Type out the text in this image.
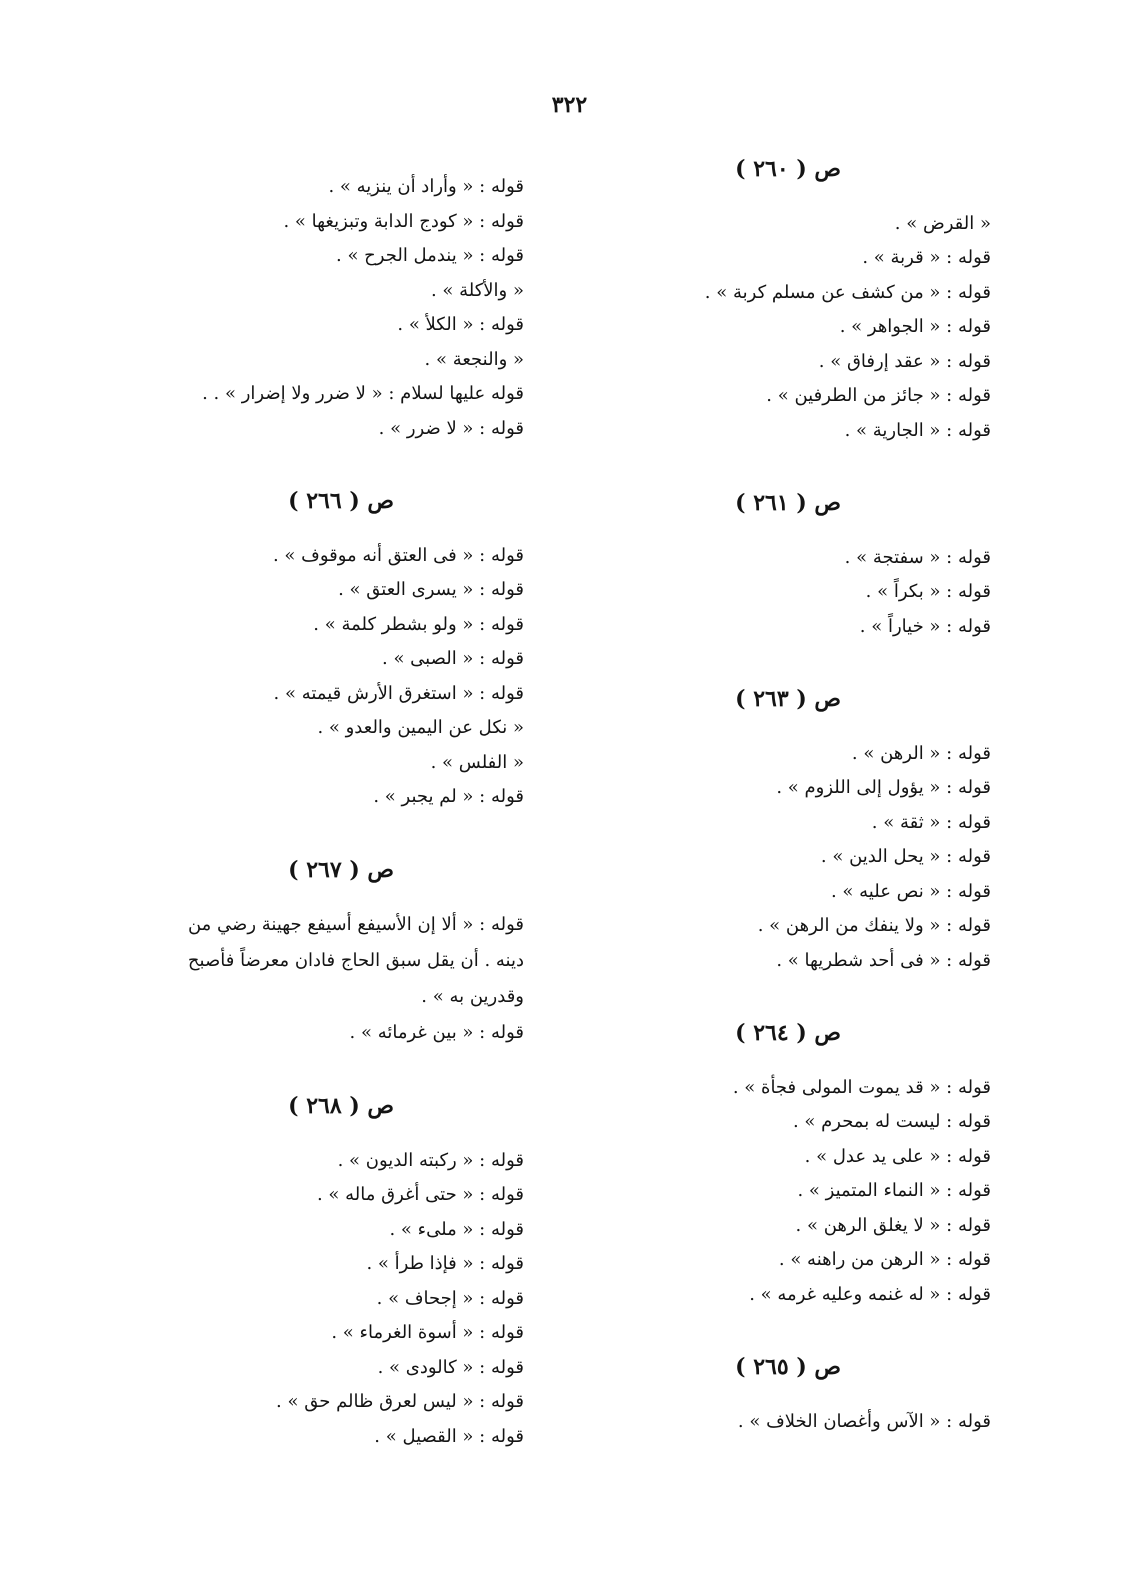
٣٢٢
ص ( ٢٦٠ )
« القرض » .
قوله : « قربة » .
قوله : « من كشف عن مسلم كربة » .
قوله : « الجواهر » .
قوله : « عقد إرفاق » .
قوله : « جائز من الطرفين » .
قوله : « الجارية » .
ص ( ٢٦١ )
قوله : « سفتجة » .
قوله : « بكراً » .
قوله : « خياراً » .
ص ( ٢٦٣ )
قوله : « الرهن » .
قوله : « يؤول إلى اللزوم » .
قوله : « ثقة » .
قوله : « يحل الدين » .
قوله : « نص عليه » .
قوله : « ولا ينفك من الرهن » .
قوله : « فى أحد شطريها » .
ص ( ٢٦٤ )
قوله : « قد يموت المولى فجأة » .
قوله : ليست له بمحرم » .
قوله : « على يد عدل » .
قوله : « النماء المتميز » .
قوله : « لا يغلق الرهن » .
قوله : « الرهن من راهنه » .
قوله : « له غنمه وعليه غرمه » .
ص ( ٢٦٥ )
قوله : « الآس وأغصان الخلاف » .
قوله : « وأراد أن ينزيه » .
قوله : « كودج الدابة وتبزيغها » .
قوله : « يندمل الجرح » .
« والأكلة » .
قوله : « الكلأ » .
« والنجعة » .
قوله عليها لسلام : « لا ضرر ولا إضرار » . .
قوله : « لا ضرر » .
ص ( ٢٦٦ )
قوله : « فى العتق أنه موقوف » .
قوله : « يسرى العتق » .
قوله : « ولو بشطر كلمة » .
قوله : « الصبى » .
قوله : « استغرق الأرش قيمته » .
« نكل عن اليمين والعدو » .
« الفلس » .
قوله : « لم يجبر » .
ص ( ٢٦٧ )
قوله : « ألا إن الأسيفع أسيفع جهينة رضي من
دينه . أن يقل سبق الحاج فادان معرضاً فأصبح
وقدرين به » .
قوله : « بين غرمائه » .
ص ( ٢٦٨ )
قوله : « ركبته الديون » .
قوله : « حتى أغرق ماله » .
قوله : « ملىء » .
قوله : « فإذا طرأ » .
قوله : « إجحاف » .
قوله : « أسوة الغرماء » .
قوله : « كالودى » .
قوله : « ليس لعرق ظالم حق » .
قوله : « القصيل » .
